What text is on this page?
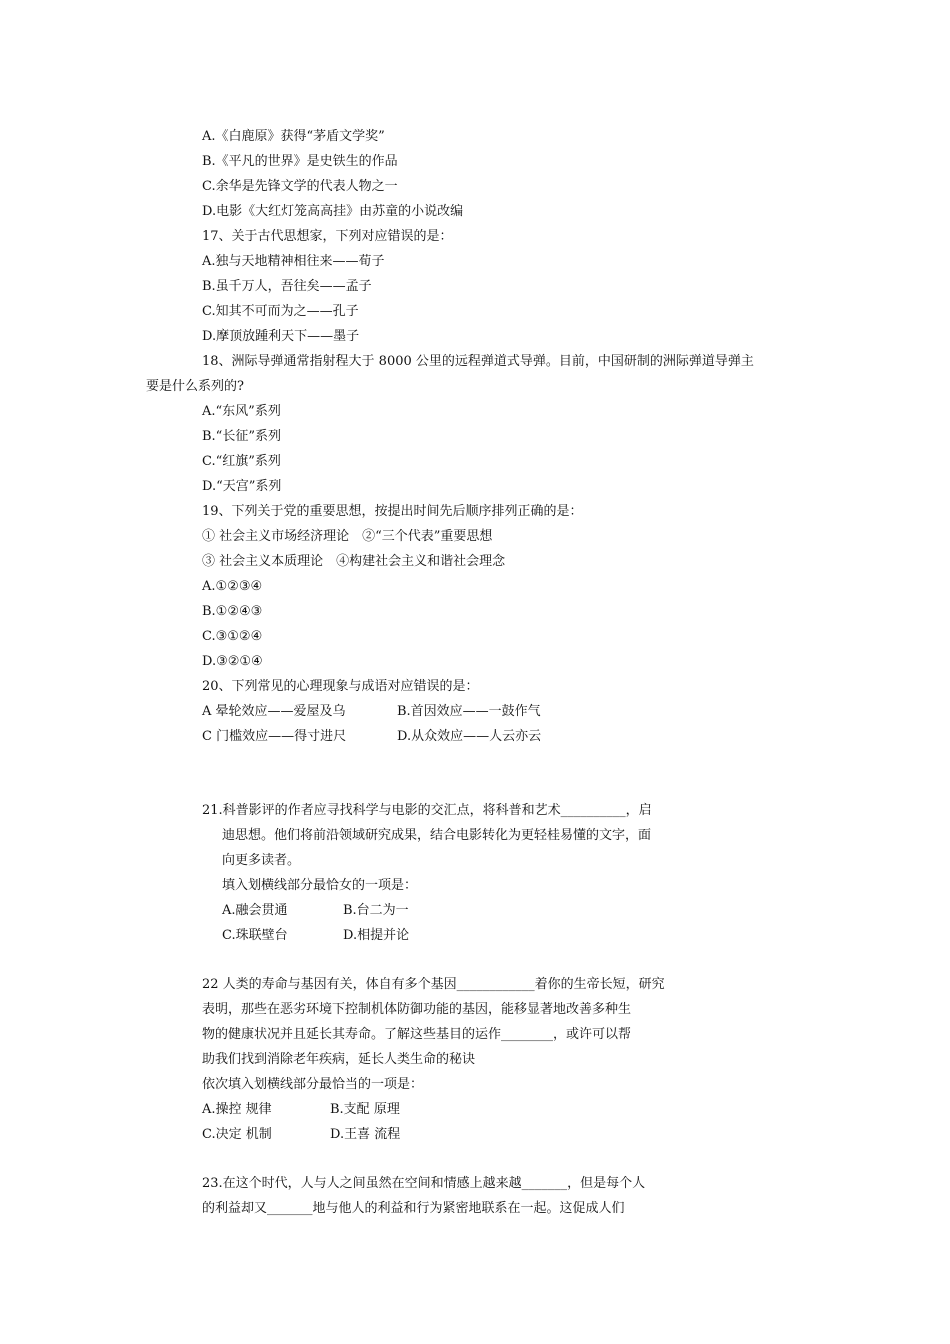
A.《白鹿原》获得“茅盾文学奖”
B.《平凡的世界》是史铁生的作品
C.余华是先锋文学的代表人物之一
D.电影《大红灯笼高高挂》由苏童的小说改编
17、关于古代思想家，下列对应错误的是：
A.独与天地精神相往来——荀子
B.虽千万人，吾往矣——孟子
C.知其不可而为之——孔子
D.摩顶放踵利天下——墨子
18、洲际导弹通常指射程大于 8000 公里的远程弹道式导弹。目前，中国研制的洲际弹道导弹主
要是什么系列的?
A.“东风”系列
B.“长征”系列
C.“红旗”系列
D.“天宫”系列
19、下列关于党的重要思想，按提出时间先后顺序排列正确的是：
① 社会主义市场经济理论　②“三个代表”重要思想
③ 社会主义本质理论　④构建社会主义和谐社会理念
A.①②③④
B.①②④③
C.③①②④
D.③②①④
20、下列常见的心理现象与成语对应错误的是：
A 晕轮效应——爱屋及乌	B.首因效应——一鼓作气
C 门槛效应——得寸进尺	D.从众效应——人云亦云
21.科普影评的作者应寻找科学与电影的交汇点，将科普和艺术__________，启
迪思想。他们将前沿领域研究成果，结合电影转化为更轻桂易懂的文字，面
向更多读者。
填入划横线部分最恰女的一项是：
A.融会贯通	B.台二为一
C.珠联壁台	D.相提并论
22 人类的寿命与基因有关，体自有多个基因____________着你的生帝长短，研究
表明，那些在恶劣环境下控制机体防御功能的基因，能移显著地改善多种生
物的健康状况并且延长其寿命。了解这些基目的运作________，或许可以帮
助我们找到消除老年疾病，延长人类生命的秘诀
依次填入划横线部分最恰当的一项是：
A.操控 规律	B.支配 原理
C.决定 机制	D.王喜 流程
23.在这个时代，人与人之间虽然在空间和情感上越来越_______，但是每个人
的利益却又_______地与他人的利益和行为紧密地联系在一起。这促成人们
